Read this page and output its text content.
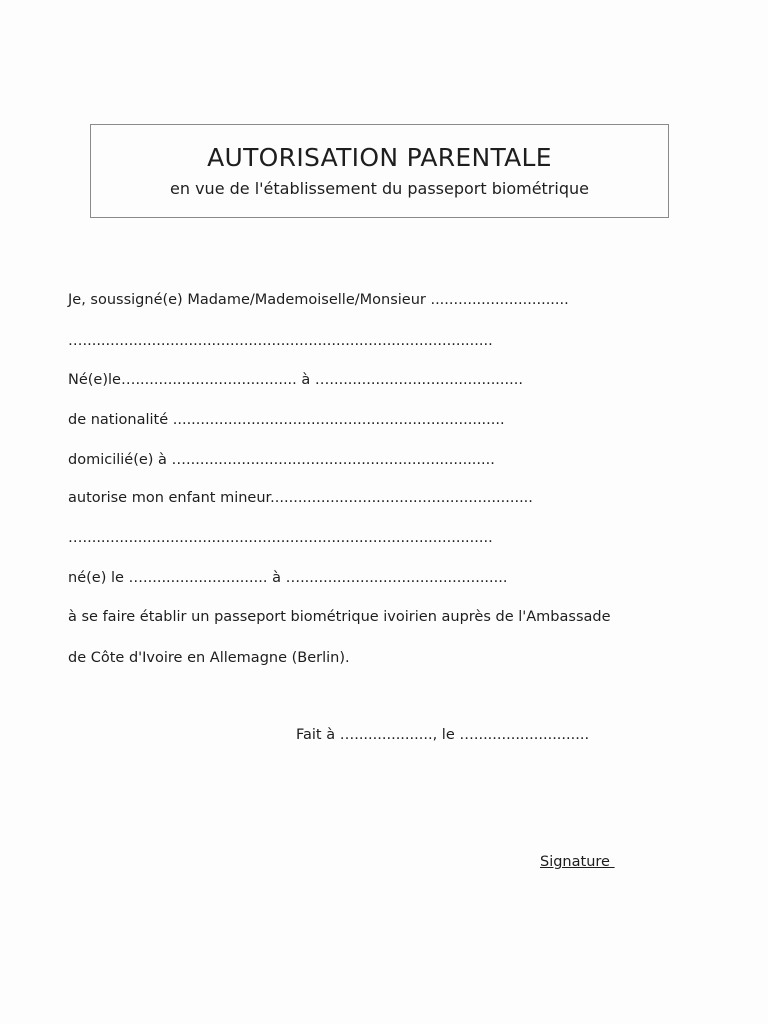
AUTORISATION PARENTALE
en vue de l'établissement du passeport biométrique
Je, soussigné(e) Madame/Mademoiselle/Monsieur ..............................
….........................................................................................
Né(e)le…................................... à …..........................................
de nationalité ........................................................................
domicilié(e) à …...................................................................
autorise mon enfant mineur.........................................................
….........................................................................................
né(e) le …........................... à ….............................................
à se faire établir un passeport biométrique ivoirien auprès de l'Ambassade
de Côte d'Ivoire en Allemagne (Berlin).
Fait à …................., le ….........................
Signature
